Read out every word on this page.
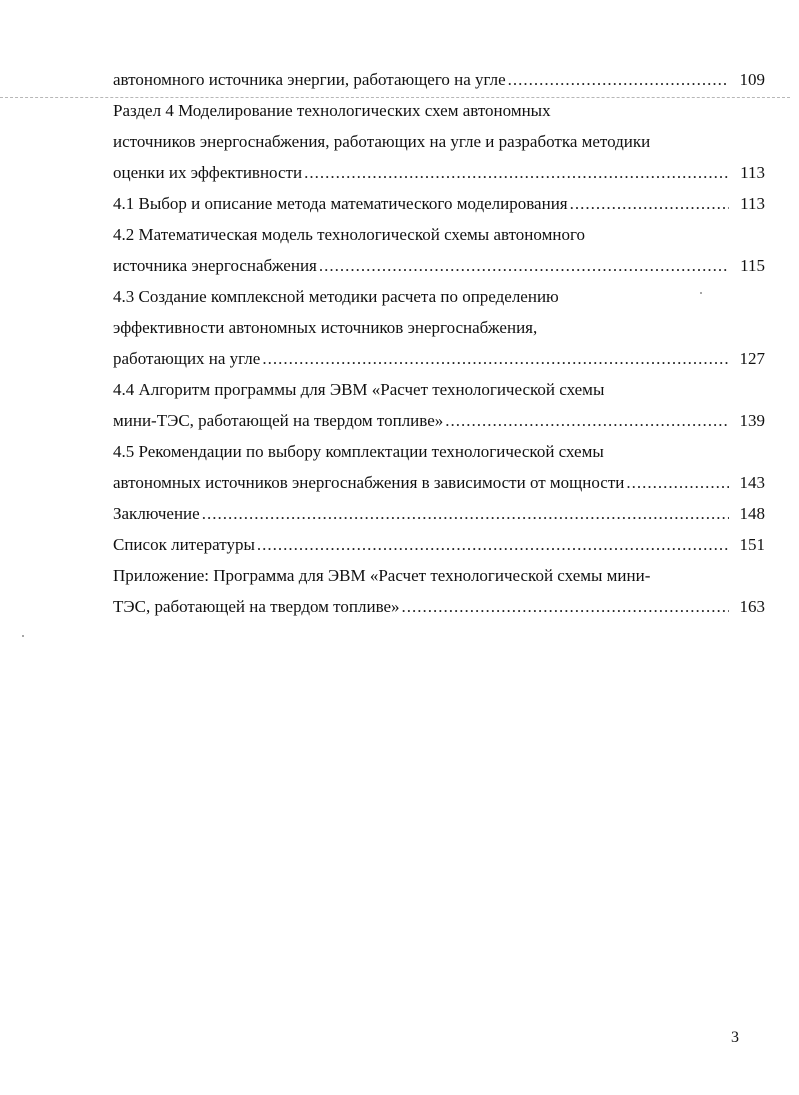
автономного источника энергии, работающего на угле .....	109
Раздел 4 Моделирование технологических схем автономных
источников энергоснабжения, работающих на угле и разработка методики
оценки их эффективности .....	113
4.1 Выбор и описание метода математического моделирования .....	113
4.2 Математическая модель технологической схемы автономного
источника энергоснабжения .....	115
4.3 Создание комплексной методики расчета по определению
эффективности автономных источников энергоснабжения,
работающих на угле .....	127
4.4 Алгоритм программы для ЭВМ «Расчет технологической схемы
мини-ТЭС, работающей на твердом топливе» .....	139
4.5 Рекомендации по выбору комплектации технологической схемы
автономных источников энергоснабжения в зависимости от мощности .....	143
Заключение .....	148
Список литературы .....	151
Приложение: Программа для ЭВМ «Расчет технологической схемы мини-
ТЭС, работающей на твердом топливе» .....	163
3
